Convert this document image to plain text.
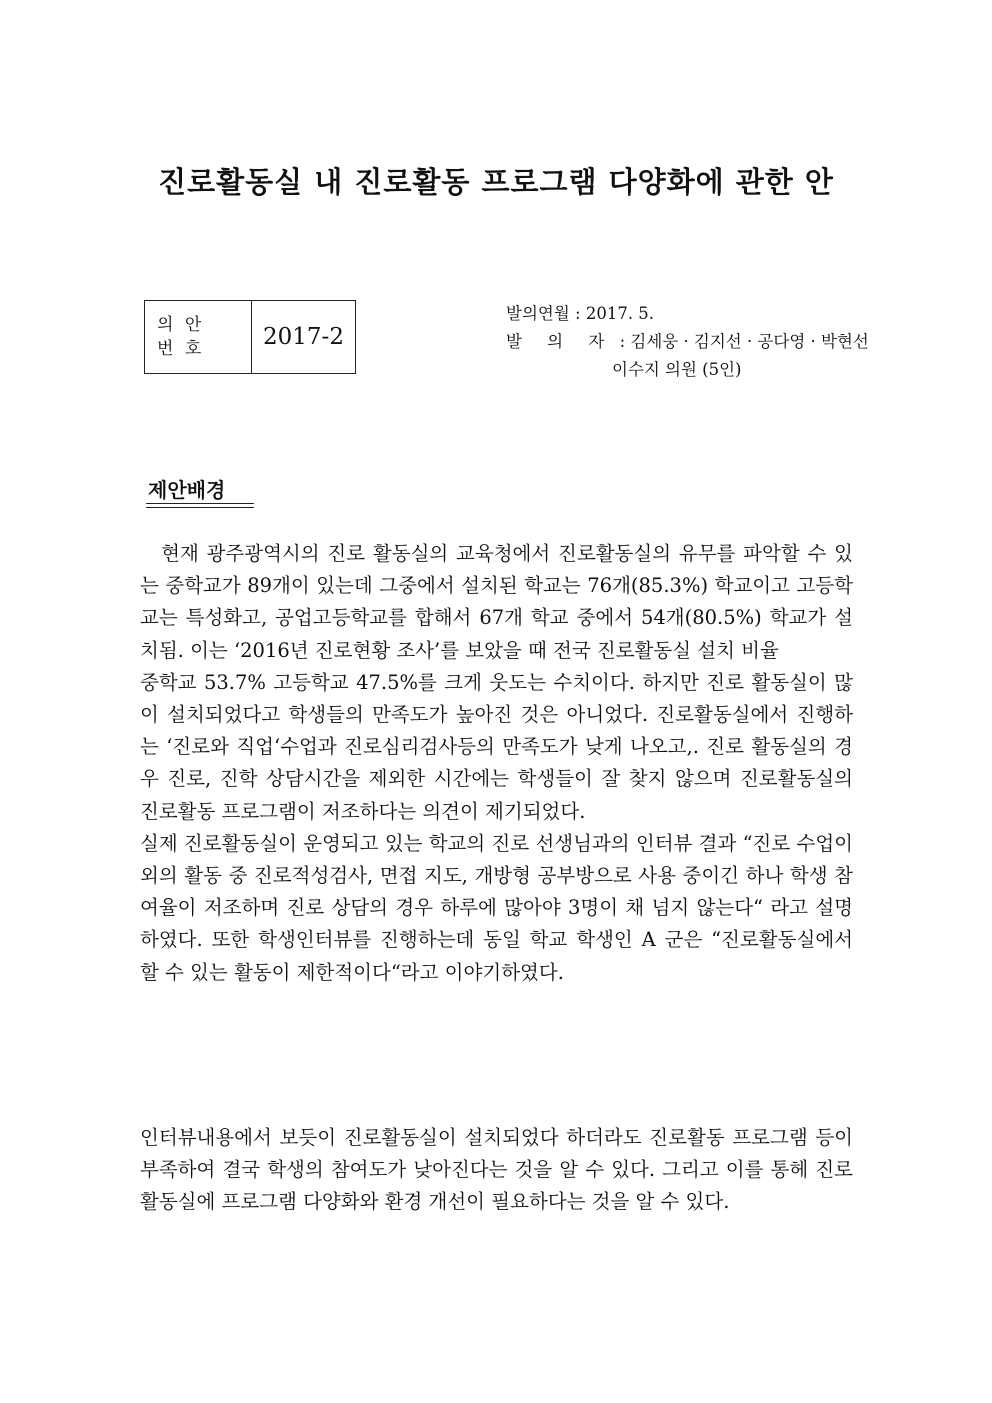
진로활동실 내 진로활동 프로그램 다양화에 관한 안
의 안
번 호	2017-2
발의연월 : 2017. 5.
발 의 자 : 김세웅 · 김지선 · 공다영 · 박현선
이수지 의원 (5인)
제안배경

　현재 광주광역시의 진로 활동실의 교육청에서 진로활동실의 유무를 파악할 수 있는 중학교가 89개이 있는데 그중에서 설치된 학교는 76개(85.3%) 학교이고 고등학교는 특성화고, 공업고등학교를 합해서 67개 학교 중에서 54개(80.5%) 학교가 설치됨. 이는 ‘2016년 진로현황 조사’를 보았을 때 전국 진로활동실 설치 비율

중학교 53.7% 고등학교 47.5%를 크게 웃도는 수치이다. 하지만 진로 활동실이 많이 설치되었다고 학생들의 만족도가 높아진 것은 아니었다. 진로활동실에서 진행하는 ‘진로와 직업‘수업과 진로심리검사등의 만족도가 낮게 나오고,. 진로 활동실의 경우 진로, 진학 상담시간을 제외한 시간에는 학생들이 잘 찾지 않으며 진로활동실의 진로활동 프로그램이 저조하다는 의견이 제기되었다.

실제 진로활동실이 운영되고 있는 학교의 진로 선생님과의 인터뷰 결과 “진로 수업이외의 활동 중 진로적성검사, 면접 지도, 개방형 공부방으로 사용 중이긴 하나 학생 참여율이 저조하며 진로 상담의 경우 하루에 많아야 3명이 채 넘지 않는다“ 라고 설명하였다. 또한 학생인터뷰를 진행하는데 동일 학교 학생인 A 군은 “진로활동실에서 할 수 있는 활동이 제한적이다“라고 이야기하였다.

인터뷰내용에서 보듯이 진로활동실이 설치되었다 하더라도 진로활동 프로그램 등이 부족하여 결국 학생의 참여도가 낮아진다는 것을 알 수 있다. 그리고 이를 통헤 진로활동실에 프로그램 다양화와 환경 개선이 필요하다는 것을 알 수 있다.
